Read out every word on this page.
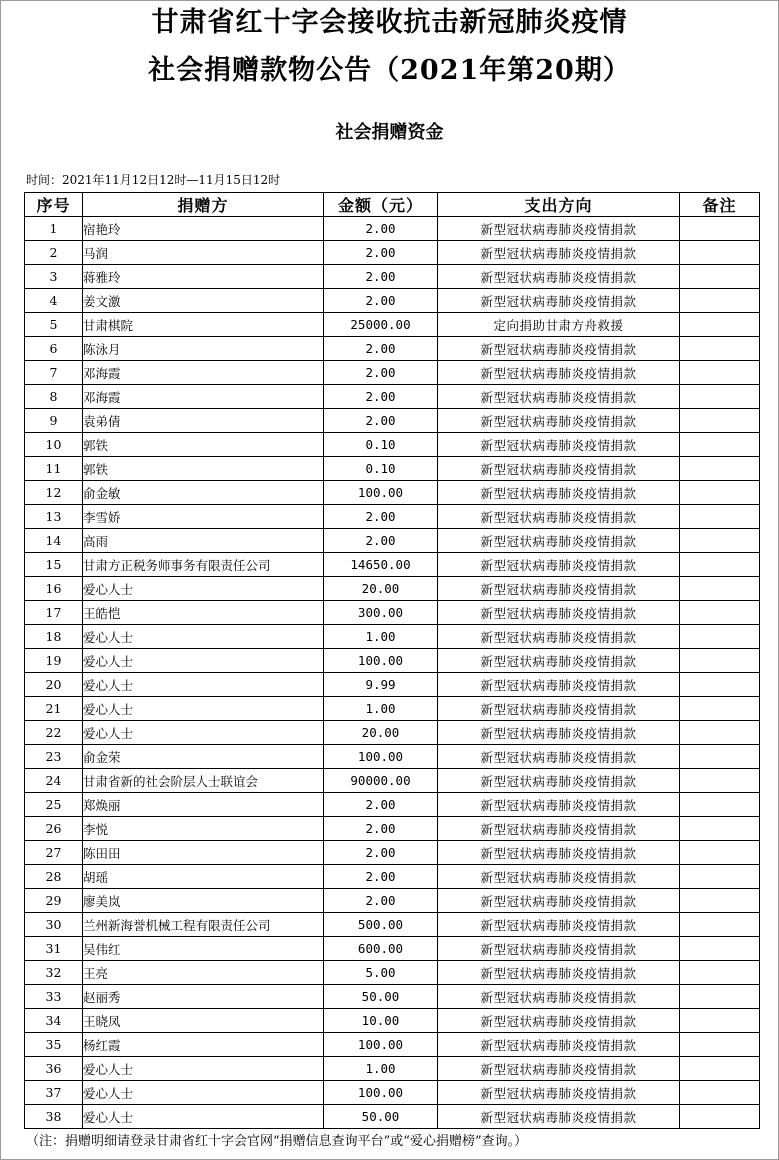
甘肃省红十字会接收抗击新冠肺炎疫情
社会捐赠款物公告（2021年第20期）
社会捐赠资金
时间：2021年11月12日12时—11月15日12时
序号	捐赠方	金额（元）	支出方向	备注
1	宿艳玲	2.00	新型冠状病毒肺炎疫情捐款	
2	马润	2.00	新型冠状病毒肺炎疫情捐款	
3	蒋雅玲	2.00	新型冠状病毒肺炎疫情捐款	
4	姜文激	2.00	新型冠状病毒肺炎疫情捐款	
5	甘肃棋院	25000.00	定向捐助甘肃方舟救援	
6	陈泳月	2.00	新型冠状病毒肺炎疫情捐款	
7	邓海霞	2.00	新型冠状病毒肺炎疫情捐款	
8	邓海霞	2.00	新型冠状病毒肺炎疫情捐款	
9	袁弟倩	2.00	新型冠状病毒肺炎疫情捐款	
10	郭铁	0.10	新型冠状病毒肺炎疫情捐款	
11	郭铁	0.10	新型冠状病毒肺炎疫情捐款	
12	俞金敏	100.00	新型冠状病毒肺炎疫情捐款	
13	李雪娇	2.00	新型冠状病毒肺炎疫情捐款	
14	高雨	2.00	新型冠状病毒肺炎疫情捐款	
15	甘肃方正税务师事务有限责任公司	14650.00	新型冠状病毒肺炎疫情捐款	
16	爱心人士	20.00	新型冠状病毒肺炎疫情捐款	
17	王皓恺	300.00	新型冠状病毒肺炎疫情捐款	
18	爱心人士	1.00	新型冠状病毒肺炎疫情捐款	
19	爱心人士	100.00	新型冠状病毒肺炎疫情捐款	
20	爱心人士	9.99	新型冠状病毒肺炎疫情捐款	
21	爱心人士	1.00	新型冠状病毒肺炎疫情捐款	
22	爱心人士	20.00	新型冠状病毒肺炎疫情捐款	
23	俞金荣	100.00	新型冠状病毒肺炎疫情捐款	
24	甘肃省新的社会阶层人士联谊会	90000.00	新型冠状病毒肺炎疫情捐款	
25	郑焕丽	2.00	新型冠状病毒肺炎疫情捐款	
26	李悦	2.00	新型冠状病毒肺炎疫情捐款	
27	陈田田	2.00	新型冠状病毒肺炎疫情捐款	
28	胡瑶	2.00	新型冠状病毒肺炎疫情捐款	
29	廖美岚	2.00	新型冠状病毒肺炎疫情捐款	
30	兰州新海誉机械工程有限责任公司	500.00	新型冠状病毒肺炎疫情捐款	
31	吴伟红	600.00	新型冠状病毒肺炎疫情捐款	
32	王亮	5.00	新型冠状病毒肺炎疫情捐款	
33	赵丽秀	50.00	新型冠状病毒肺炎疫情捐款	
34	王晓凤	10.00	新型冠状病毒肺炎疫情捐款	
35	杨红霞	100.00	新型冠状病毒肺炎疫情捐款	
36	爱心人士	1.00	新型冠状病毒肺炎疫情捐款	
37	爱心人士	100.00	新型冠状病毒肺炎疫情捐款	
38	爱心人士	50.00	新型冠状病毒肺炎疫情捐款	
（注：捐赠明细请登录甘肃省红十字会官网“捐赠信息查询平台”或“爱心捐赠榜”查询。）
